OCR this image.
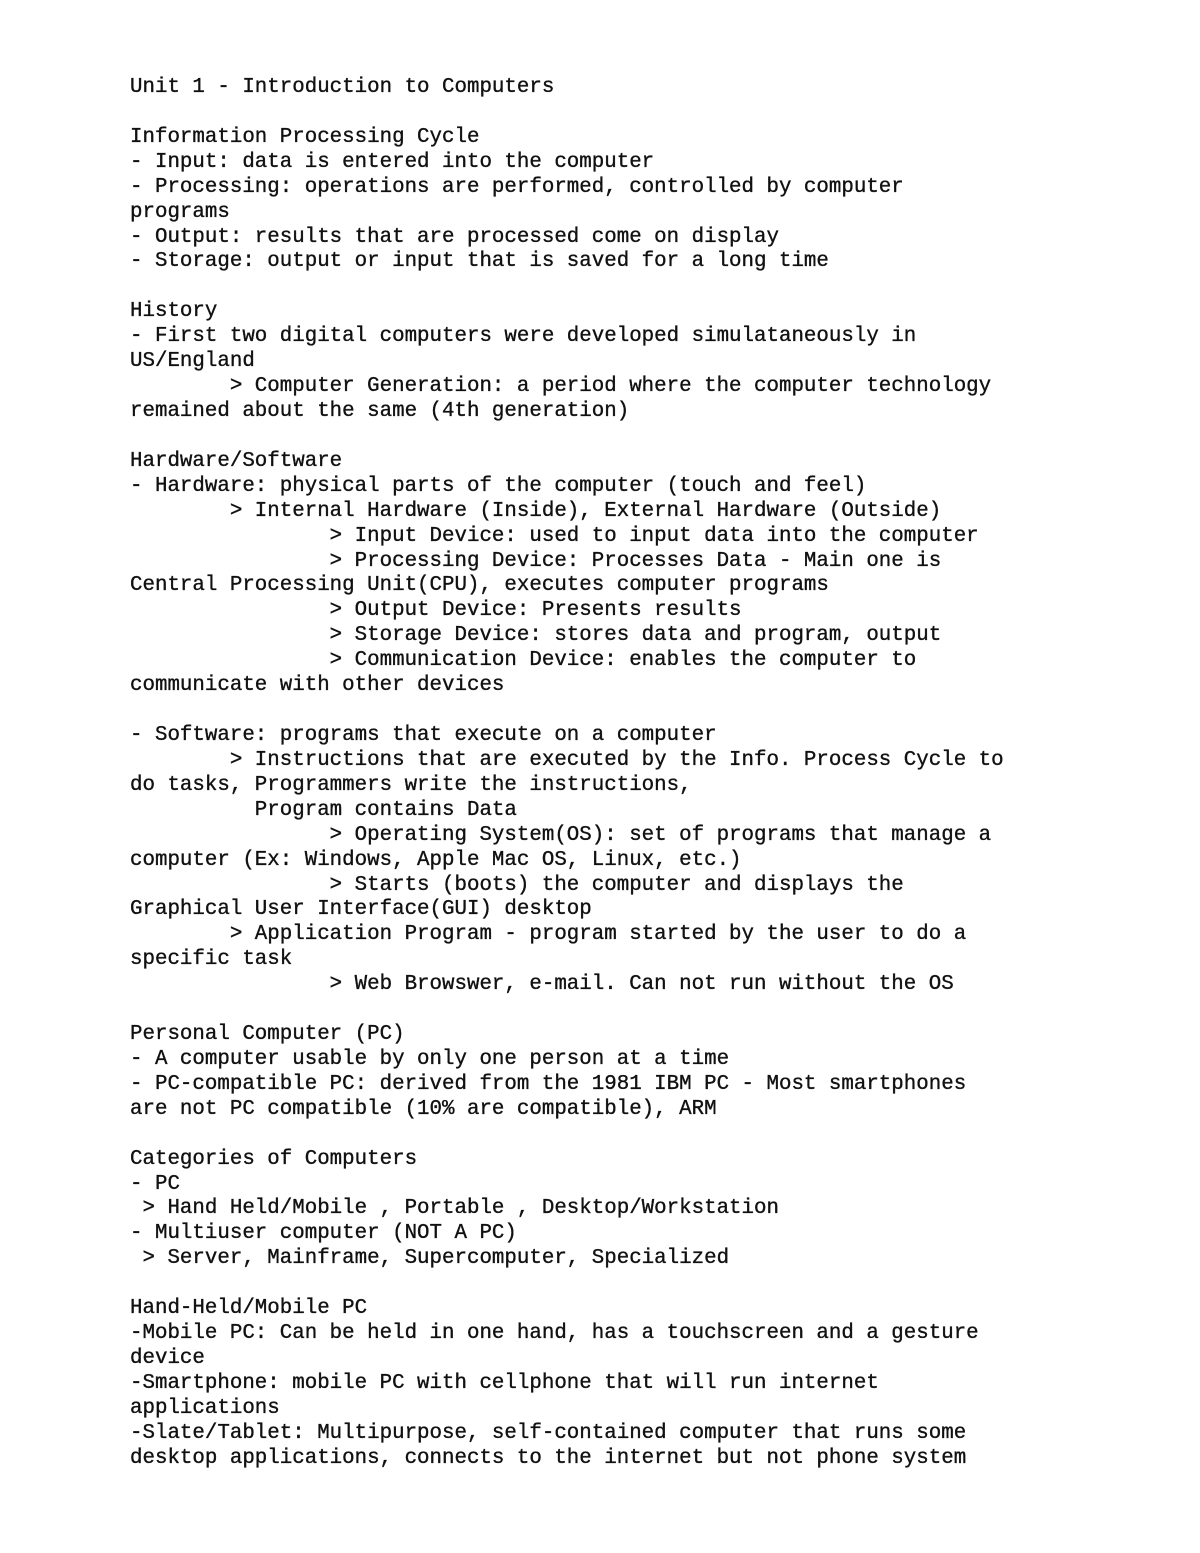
Unit 1 - Introduction to Computers
Information Processing Cycle
- Input: data is entered into the computer
- Processing: operations are performed, controlled by computer
programs
- Output: results that are processed come on display
- Storage: output or input that is saved for a long time
History
- First two digital computers were developed simulataneously in
US/England
> Computer Generation: a period where the computer technology
remained about the same (4th generation)
Hardware/Software
- Hardware: physical parts of the computer (touch and feel)
> Internal Hardware (Inside), External Hardware (Outside)
> Input Device: used to input data into the computer
> Processing Device: Processes Data - Main one is
Central Processing Unit(CPU), executes computer programs
> Output Device: Presents results
> Storage Device: stores data and program, output
> Communication Device: enables the computer to
communicate with other devices
- Software: programs that execute on a computer
> Instructions that are executed by the Info. Process Cycle to
do tasks, Programmers write the instructions,
Program contains Data
> Operating System(OS): set of programs that manage a
computer (Ex: Windows, Apple Mac OS, Linux, etc.)
> Starts (boots) the computer and displays the
Graphical User Interface(GUI) desktop
> Application Program - program started by the user to do a
specific task
> Web Browswer, e-mail. Can not run without the OS
Personal Computer (PC)
- A computer usable by only one person at a time
- PC-compatible PC: derived from the 1981 IBM PC - Most smartphones
are not PC compatible (10% are compatible), ARM
Categories of Computers
- PC
> Hand Held/Mobile , Portable , Desktop/Workstation
- Multiuser computer (NOT A PC)
> Server, Mainframe, Supercomputer, Specialized
Hand-Held/Mobile PC
-Mobile PC: Can be held in one hand, has a touchscreen and a gesture
device
-Smartphone: mobile PC with cellphone that will run internet
applications
-Slate/Tablet: Multipurpose, self-contained computer that runs some
desktop applications, connects to the internet but not phone system
